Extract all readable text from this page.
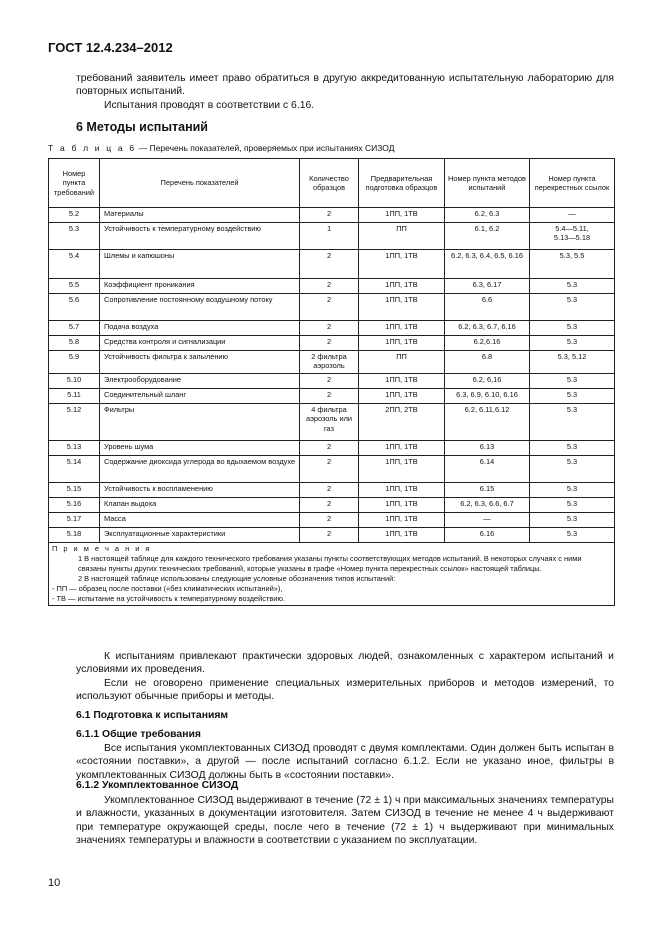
ГОСТ 12.4.234–2012
требований заявитель имеет право обратиться в другую аккредитованную испытательную лабораторию для повторных испытаний.
Испытания проводят в соответствии с 6.16.
6 Методы испытаний
Т а б л и ц а 6 — Перечень показателей, проверяемых при испытаниях СИЗОД
Номер пункта требований	Перечень показателей	Количество образцов	Предварительная подготовка образцов	Номер пункта методов испытаний	Номер пункта перекрестных ссылок
5.2	Материалы	2	1ПП, 1ТВ	6.2, 6.3	—
5.3	Устойчивость к температурному воздействию	1	ПП	6.1, 6.2	5.4—5.11,
5.13—5.18
5.4	Шлемы и капюшоны	2	1ПП, 1ТВ	6.2, 6.3, 6.4, 6.5, 6.16	5.3, 5.5
5.5	Коэффициент проникания	2	1ПП, 1ТВ	6.3, 6.17	5.3
5.6	Сопротивление постоянному воздушному потоку	2	1ПП, 1ТВ	6.6	5.3
5.7	Подача воздуха	2	1ПП, 1ТВ	6.2, 6.3, 6.7, 6.16	5.3
5.8	Средства контроля и сигнализации	2	1ПП, 1ТВ	6.2,6.16	5.3
5.9	Устойчивость фильтра к запылению	2 фильтра аэрозоль	ПП	6.8	5.3, 5.12
5.10	Электрооборудование	2	1ПП, 1ТВ	6.2, 6,16	5.3
5.11	Соединительный шланг	2	1ПП, 1ТВ	6.3, 6.9, 6.10, 6.16	5.3
5.12	Фильтры	4 фильтра аэрозоль или газ	2ПП, 2ТВ	6.2, 6.11,6.12	5.3
5.13	Уровень шума	2	1ПП, 1ТВ	6.13	5.3
5.14	Содержание диоксида углерода во вдыхаемом воздухе	2	1ПП, 1ТВ	6.14	5.3
5.15	Устойчивость к воспламенению	2	1ПП, 1ТВ	6.15	5.3
5.16	Клапан выдоха	2	1ПП, 1ТВ	6.2, 6.3, 6.6, 6.7	5.3
5.17	Масса	2	1ПП, 1ТВ	—	5.3
5.18	Эксплуатационные характеристики	2	1ПП, 1ТВ	6.16	5.3

П р и м е ч а н и я
1 В настоящей таблице для каждого технического требования указаны пункты соответствующих методов испытаний. В некоторых случаях с ними связаны пункты других технических требований, которые указаны в графе «Номер пункта перекрестных ссылок» настоящей таблицы.
2 В настоящей таблице использованы следующие условные обозначения типов испытаний:
- ПП — образец после поставки («без климатических испытаний»),
- ТВ — испытание на устойчивость к температурному воздействию.					
К испытаниям привлекают практически здоровых людей, ознакомленных с характером испытаний и условиями их проведения.
Если не оговорено применение специальных измерительных приборов и методов измерений, то используют обычные приборы и методы.
6.1 Подготовка к испытаниям
6.1.1 Общие требования
Все испытания укомплектованных СИЗОД проводят с двумя комплектами. Один должен быть испытан в «состоянии поставки», а другой — после испытаний согласно 6.1.2. Если не указано иное, фильтры в укомплектованных СИЗОД должны быть в «состоянии поставки».
6.1.2 Укомплектованное СИЗОД
Укомплектованное СИЗОД выдерживают в течение (72 ± 1) ч при максимальных значениях температуры и влажности, указанных в документации изготовителя. Затем СИЗОД в течение не менее 4 ч выдерживают при температуре окружающей среды, после чего в течение (72 ± 1) ч выдерживают при минимальных значениях температуры и влажности в соответствии с указанием по эксплуатации.
10
